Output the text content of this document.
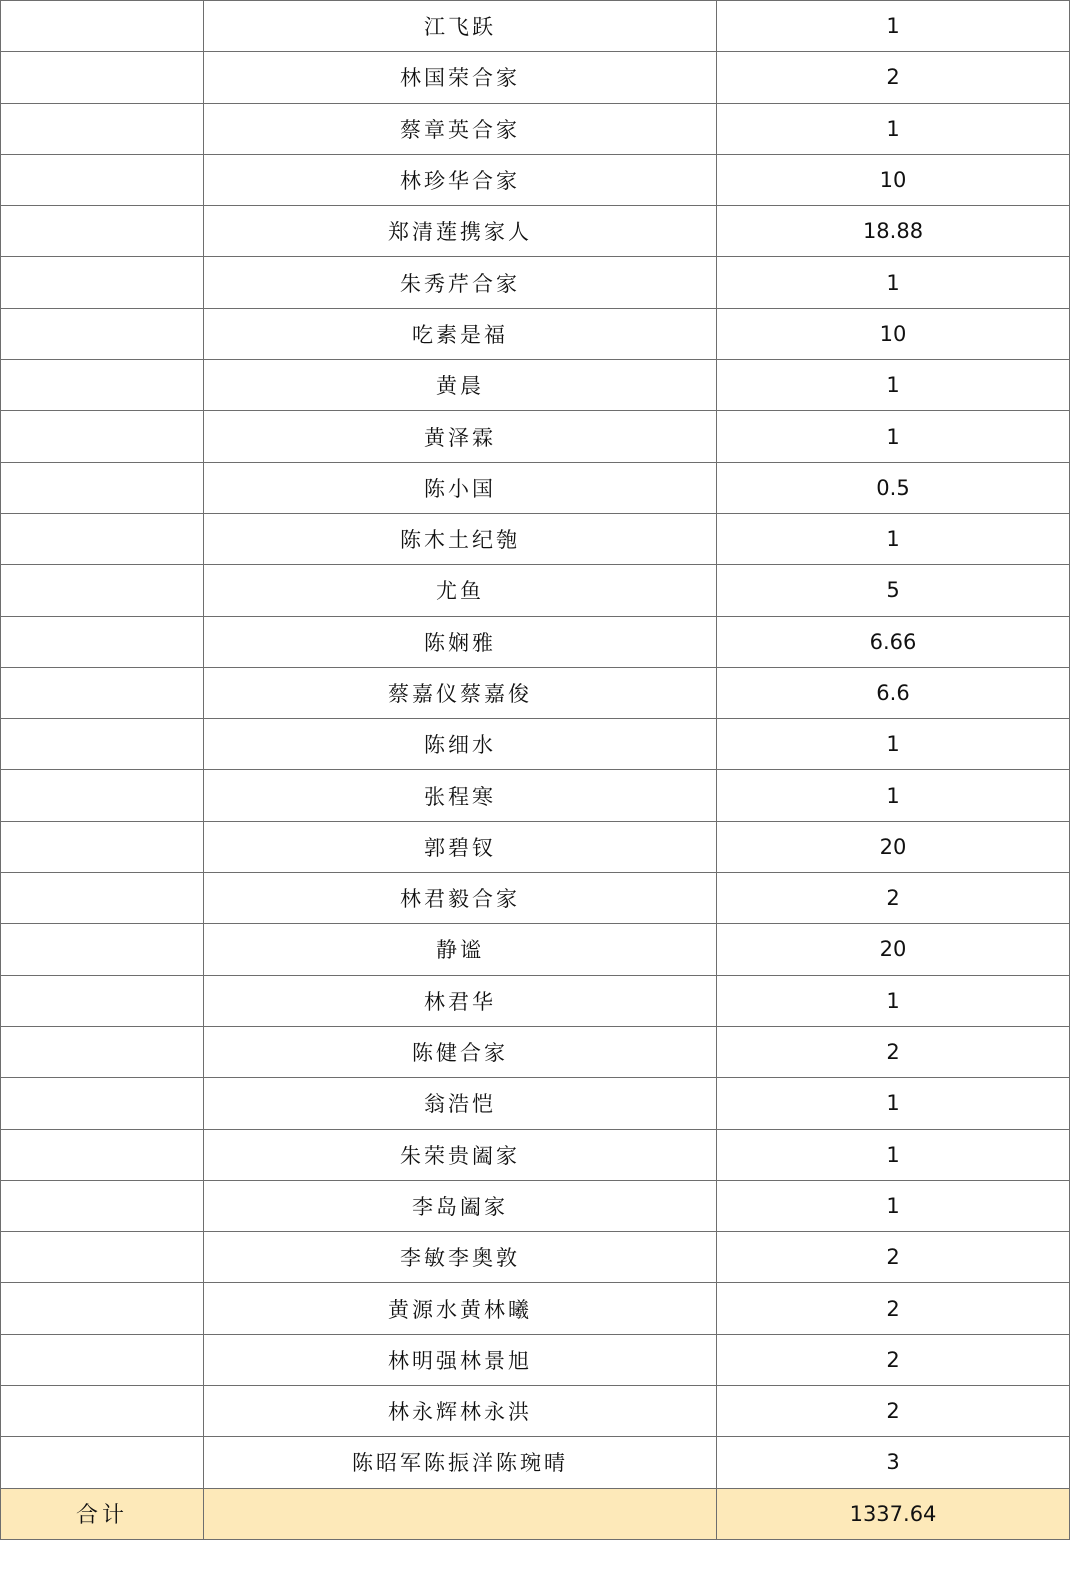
	江飞跃	1
	林国荣合家	2
	蔡章英合家	1
	林珍华合家	10
	郑清莲携家人	18.88
	朱秀芹合家	1
	吃素是福	10
	黄晨	1
	黄泽霖	1
	陈小国	0.5
	陈木土纪匏	1
	尤鱼	5
	陈娴雅	6.66
	蔡嘉仪蔡嘉俊	6.6
	陈细水	1
	张程寒	1
	郭碧钗	20
	林君毅合家	2
	静谧	20
	林君华	1
	陈健合家	2
	翁浩恺	1
	朱荣贵阖家	1
	李岛阖家	1
	李敏李奥敦	2
	黄源水黄林曦	2
	林明强林景旭	2
	林永辉林永洪	2
	陈昭军陈振洋陈琬晴	3
合计		1337.64
